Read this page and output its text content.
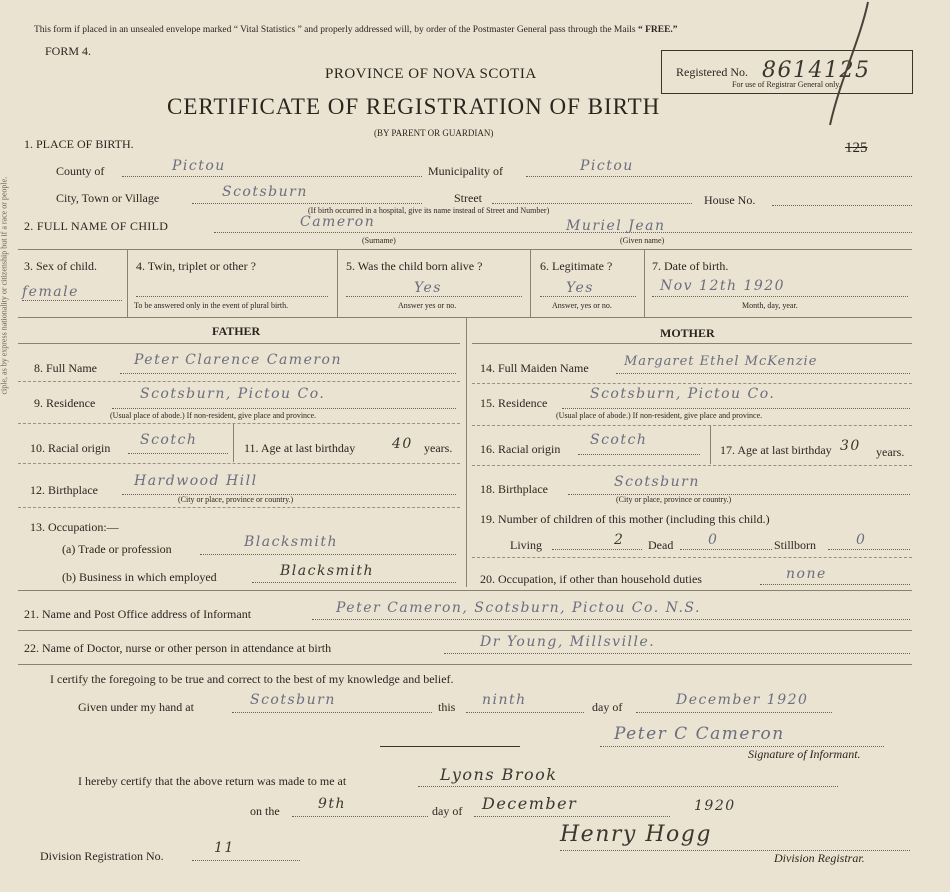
ciple, as by express nationality or citizenship but if a race or people.
This form if placed in an unsealed envelope marked “ Vital Statistics ” and properly addressed will, by order of the Postmaster General pass through the Mails “ FREE.”
FORM 4.
PROVINCE OF NOVA SCOTIA
CERTIFICATE OF REGISTRATION OF BIRTH
(BY PARENT OR GUARDIAN)
Registered No. 8614125
For use of Registrar General only.
125
1. PLACE OF BIRTH.
County of	Pictou	Municipality of	Pictou
City, Town or Village	Scotsburn	Street	House No.
(If birth occurred in a hospital, give its name instead of Street and Number)
2. FULL NAME OF CHILD	Cameron	Muriel Jean
(Surname)	(Given name)
3. Sex of child.
female
4. Twin, triplet or other ?
To be answered only in the event of plural birth.
5. Was the child born alive ?
Yes
Answer yes or no.
6. Legitimate ?
Yes
Answer, yes or no.
7. Date of birth.
Nov 12th 1920
Month, day, year.
FATHER	MOTHER
8. Full Name	Peter Clarence Cameron
9. Residence
Scotsburn, Pictou Co.
(Usual place of abode.) If non-resident, give place and province.
10. Racial origin Scotch	11. Age at last birthday	40 years.
12. Birthplace
Hardwood Hill
(City or place, province or country.)
13. Occupation:—
(a) Trade or profession	Blacksmith
(b) Business in which employed	Blacksmith
14. Full Maiden Name	Margaret Ethel McKenzie
15. Residence
Scotsburn, Pictou Co.
(Usual place of abode.) If non-resident, give place and province.
16. Racial origin
Scotch
17. Age at last birthday 30 years.
18. Birthplace	Scotsburn
(City or place, province or country.)
19. Number of children of this mother (including this child.)
Living	2 Dead 0	Stillborn	0
20. Occupation, if other than household duties	none
21. Name and Post Office address of Informant	Peter Cameron, Scotsburn, Pictou Co. N.S.
22. Name of Doctor, nurse or other person in attendance at birth	Dr Young, Millsville.
I certify the foregoing to be true and correct to the best of my knowledge and belief.
Given under my hand at	Scotsburn	this ninth	day of	December 1920
Peter C Cameron
Signature of Informant.
I hereby certify that the above return was made to me at	Lyons Brook
on the	9th	day of December	1920
Division Registration No.	11
Henry Hogg
Division Registrar.
